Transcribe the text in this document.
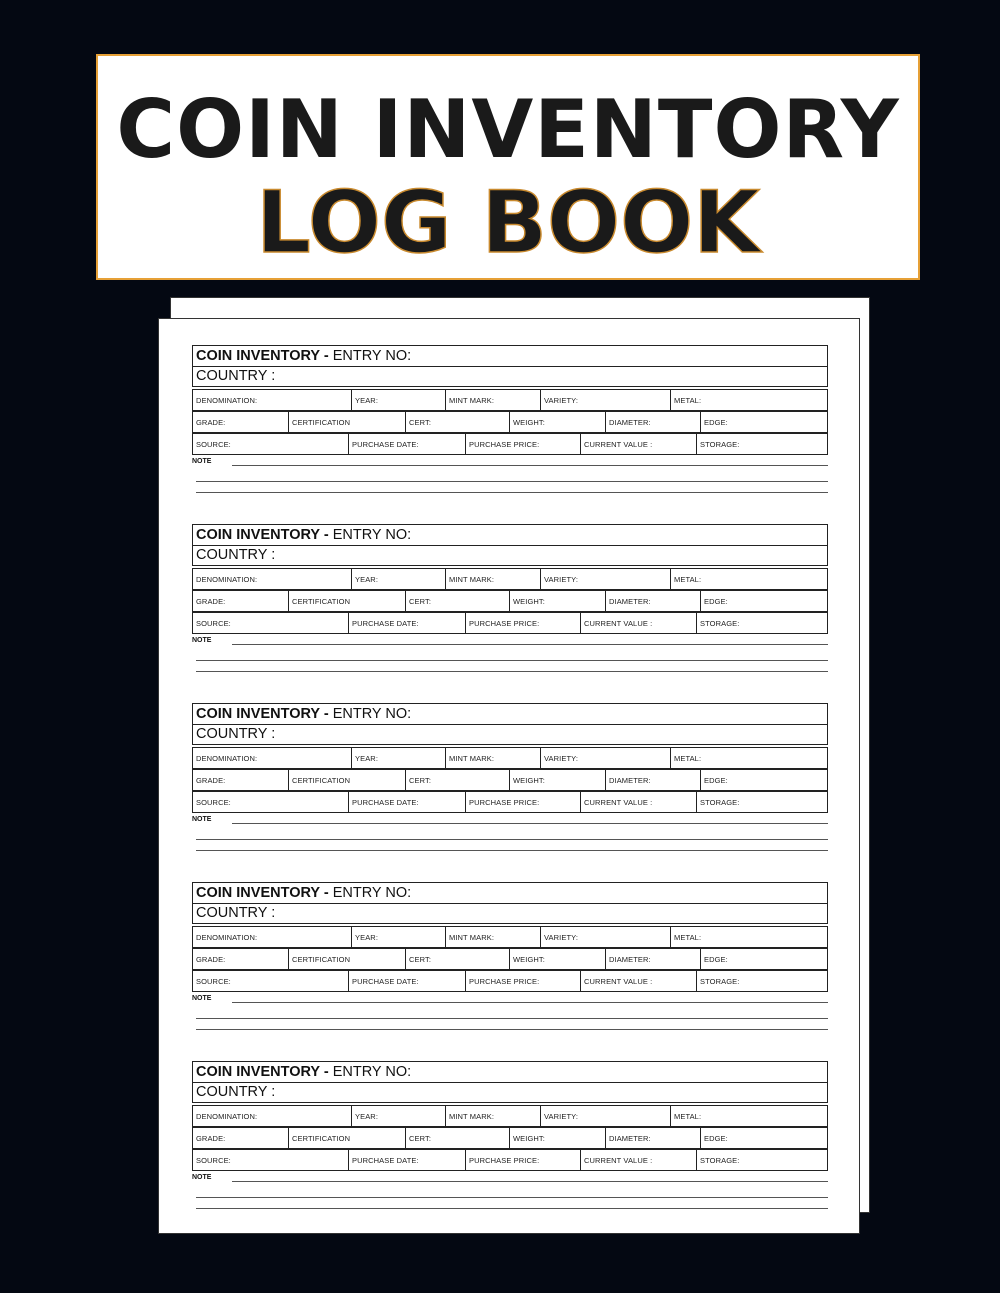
COIN INVENTORY
LOG BOOK
COIN INVENTORY - ENTRY NO:
COUNTRY :
DENOMINATION:	YEAR:	MINT MARK:	VARIETY:	METAL:
GRADE:	CERTIFICATION	CERT:	WEIGHT:	DIAMETER:	EDGE:
SOURCE:	PURCHASE DATE:	PURCHASE PRICE:	CURRENT VALUE :	STORAGE:
NOTE
COIN INVENTORY - ENTRY NO:
COUNTRY :
DENOMINATION:	YEAR:	MINT MARK:	VARIETY:	METAL:
GRADE:	CERTIFICATION	CERT:	WEIGHT:	DIAMETER:	EDGE:
SOURCE:	PURCHASE DATE:	PURCHASE PRICE:	CURRENT VALUE :	STORAGE:
NOTE
COIN INVENTORY - ENTRY NO:
COUNTRY :
DENOMINATION:	YEAR:	MINT MARK:	VARIETY:	METAL:
GRADE:	CERTIFICATION	CERT:	WEIGHT:	DIAMETER:	EDGE:
SOURCE:	PURCHASE DATE:	PURCHASE PRICE:	CURRENT VALUE :	STORAGE:
NOTE
COIN INVENTORY - ENTRY NO:
COUNTRY :
DENOMINATION:	YEAR:	MINT MARK:	VARIETY:	METAL:
GRADE:	CERTIFICATION	CERT:	WEIGHT:	DIAMETER:	EDGE:
SOURCE:	PURCHASE DATE:	PURCHASE PRICE:	CURRENT VALUE :	STORAGE:
NOTE
COIN INVENTORY - ENTRY NO:
COUNTRY :
DENOMINATION:	YEAR:	MINT MARK:	VARIETY:	METAL:
GRADE:	CERTIFICATION	CERT:	WEIGHT:	DIAMETER:	EDGE:
SOURCE:	PURCHASE DATE:	PURCHASE PRICE:	CURRENT VALUE :	STORAGE:
NOTE
